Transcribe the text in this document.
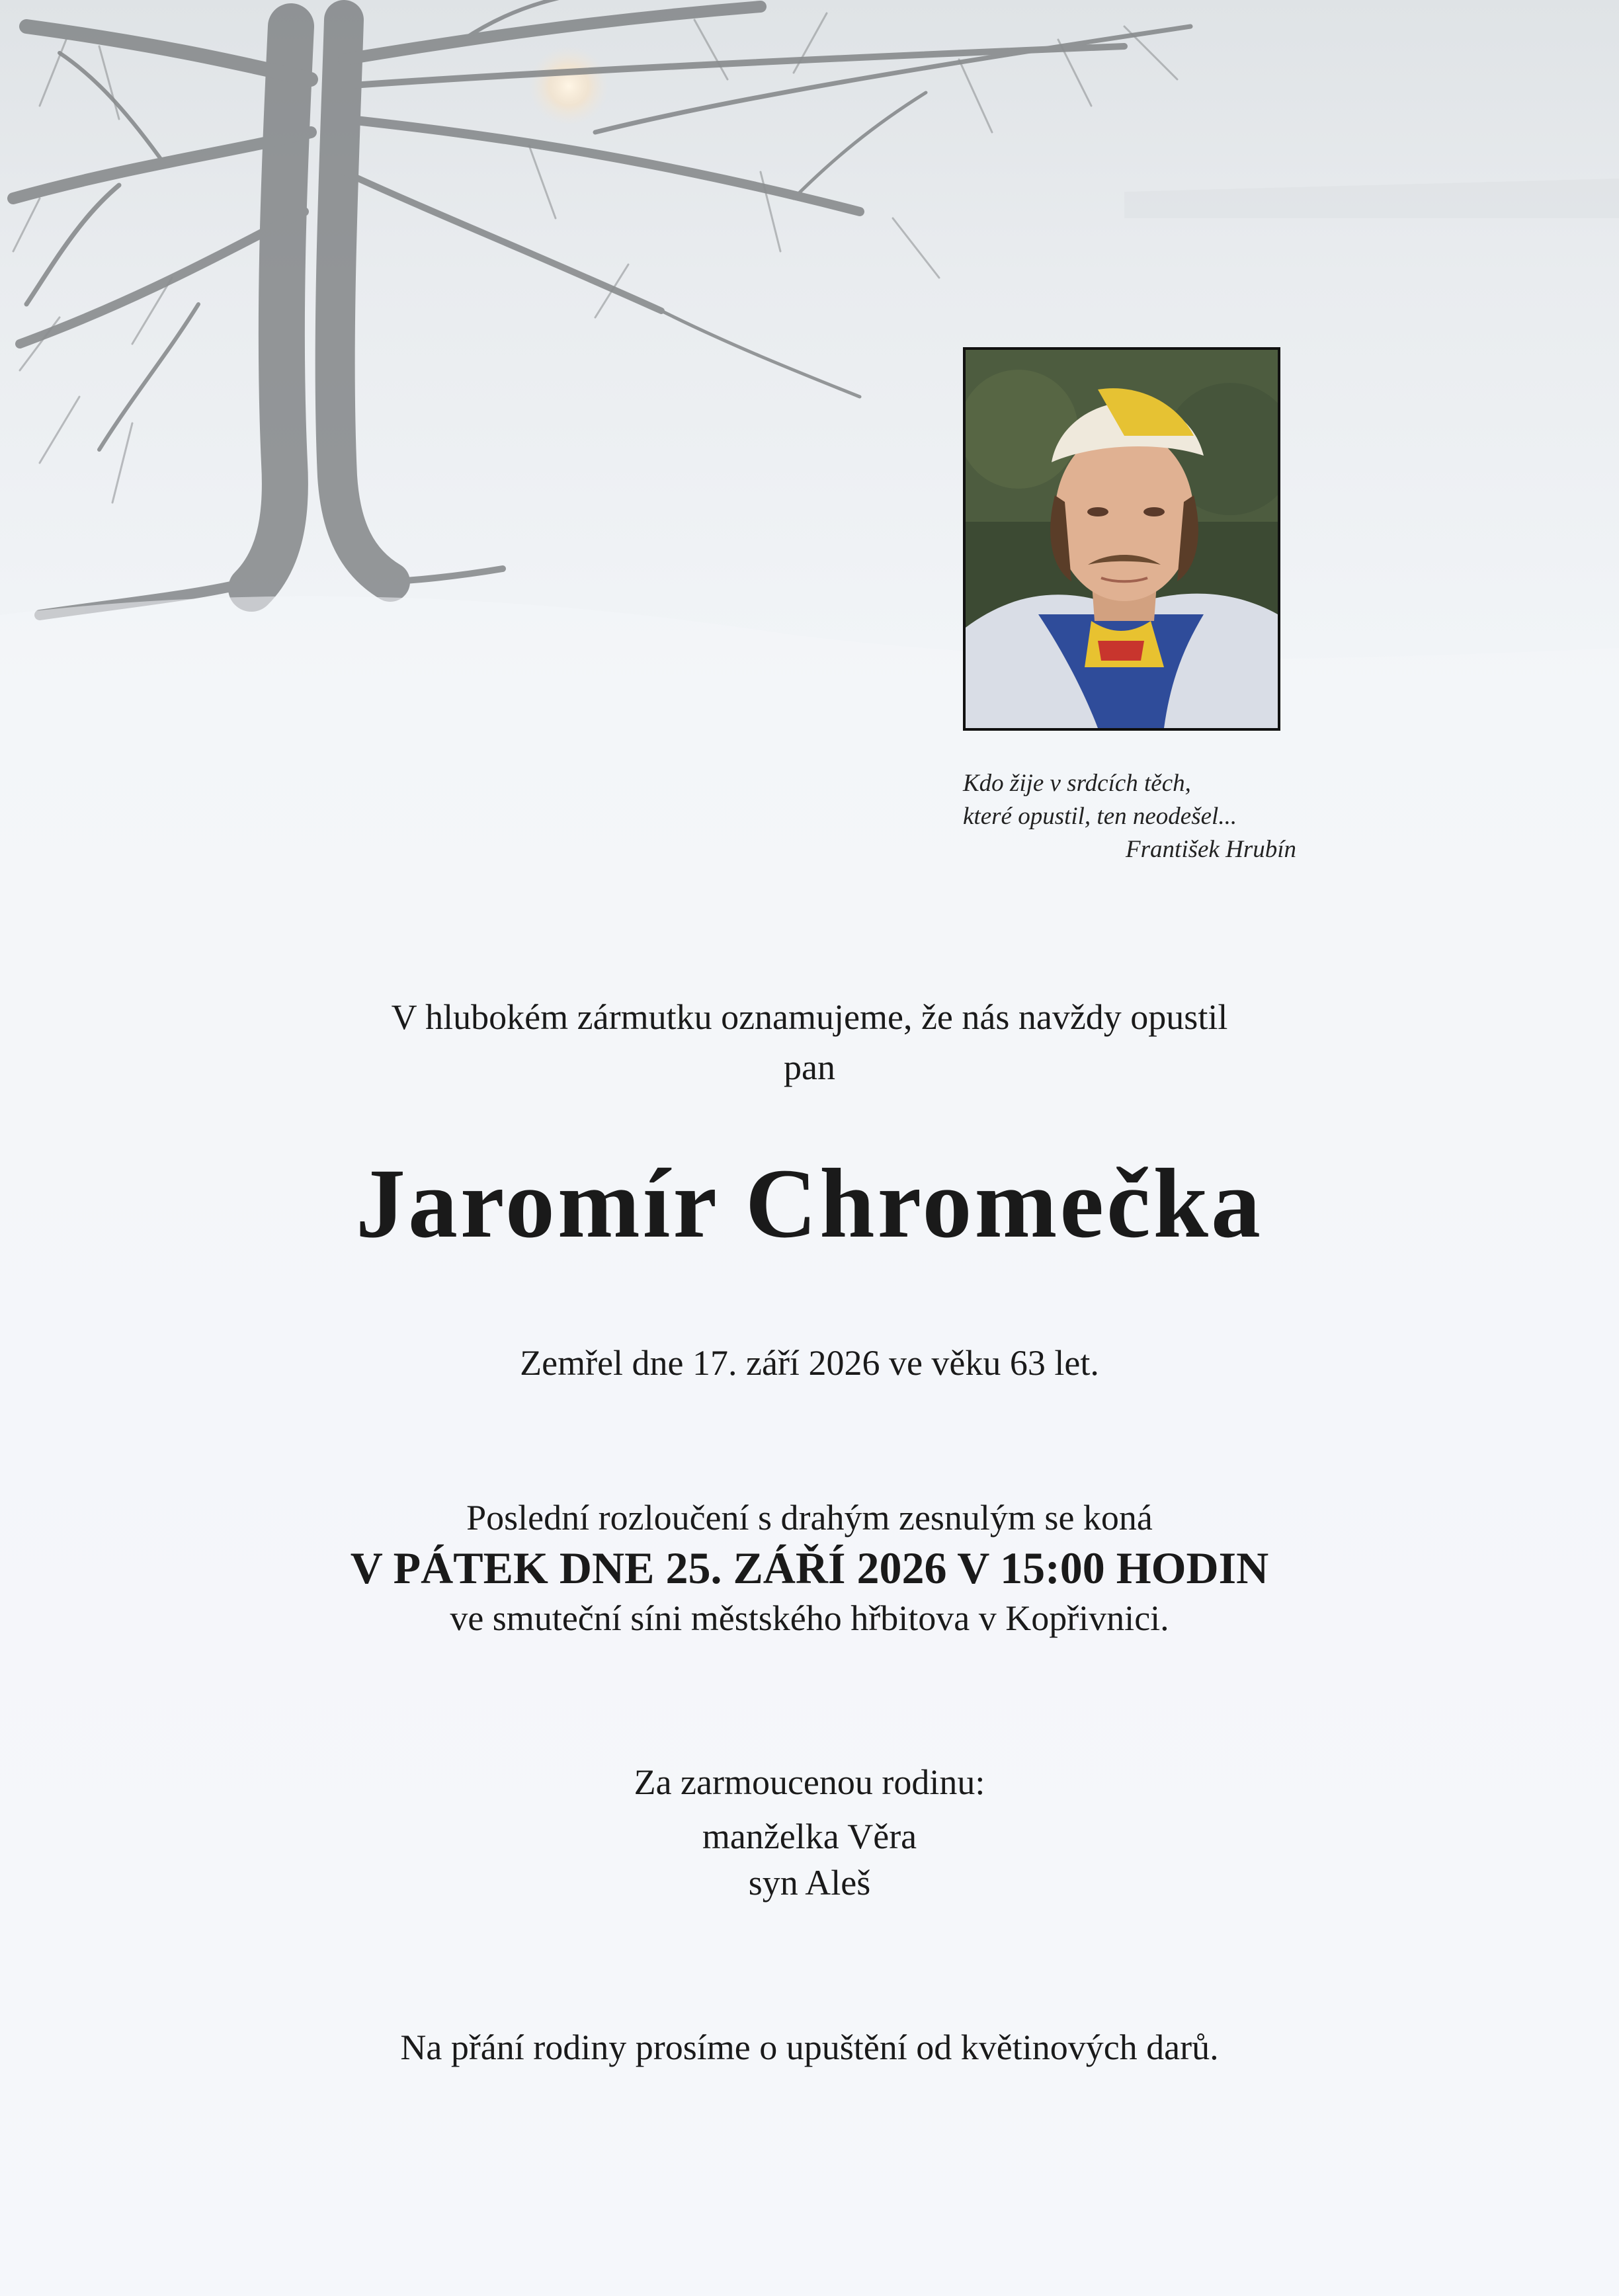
Kdo žije v srdcích těch,
které opustil, ten neodešel...
František Hrubín
V hlubokém zármutku oznamujeme, že nás navždy opustil
pan
Jaromír Chromečka
Zemřel dne 17. září 2026 ve věku 63 let.
Poslední rozloučení s drahým zesnulým se koná
V PÁTEK DNE 25. ZÁŘÍ 2026 V 15:00 HODIN
ve smuteční síni městského hřbitova v Kopřivnici.
Za zarmoucenou rodinu:
manželka Věra
syn Aleš
Na přání rodiny prosíme o upuštění od květinových darů.
